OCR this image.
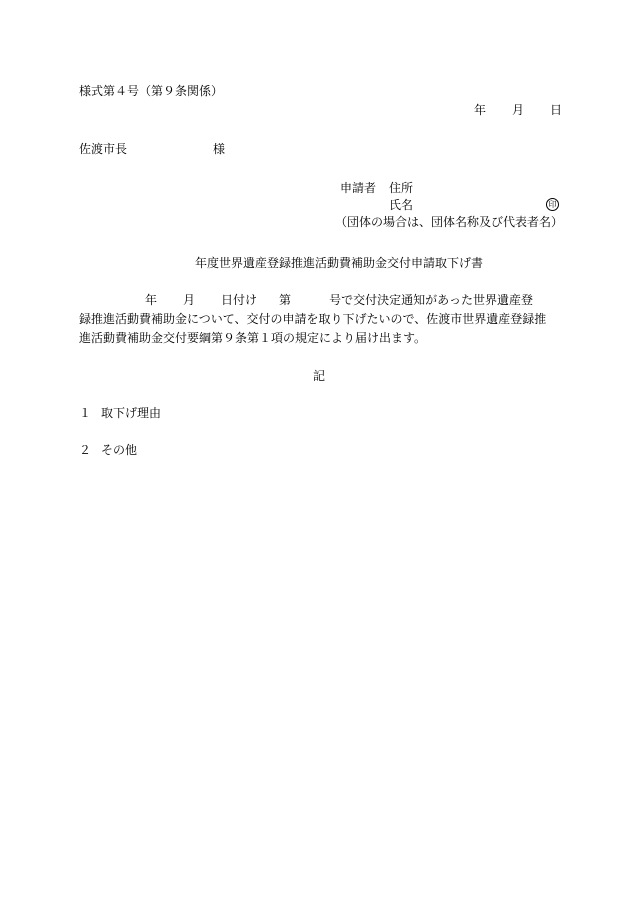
様式第４号（第９条関係）
年 月 日
佐渡市長	様
申請者 住所
氏名	印
（団体の場合は、団体名称及び代表者名）
年度世界遺産登録推進活動費補助金交付申請取下げ書
年 月 日付け 第	号で交付決定通知があった世界遺産登
録推進活動費補助金について、交付の申請を取り下げたいので、佐渡市世界遺産登録推
進活動費補助金交付要綱第９条第１項の規定により届け出ます。
記
１ 取下げ理由
２ その他
